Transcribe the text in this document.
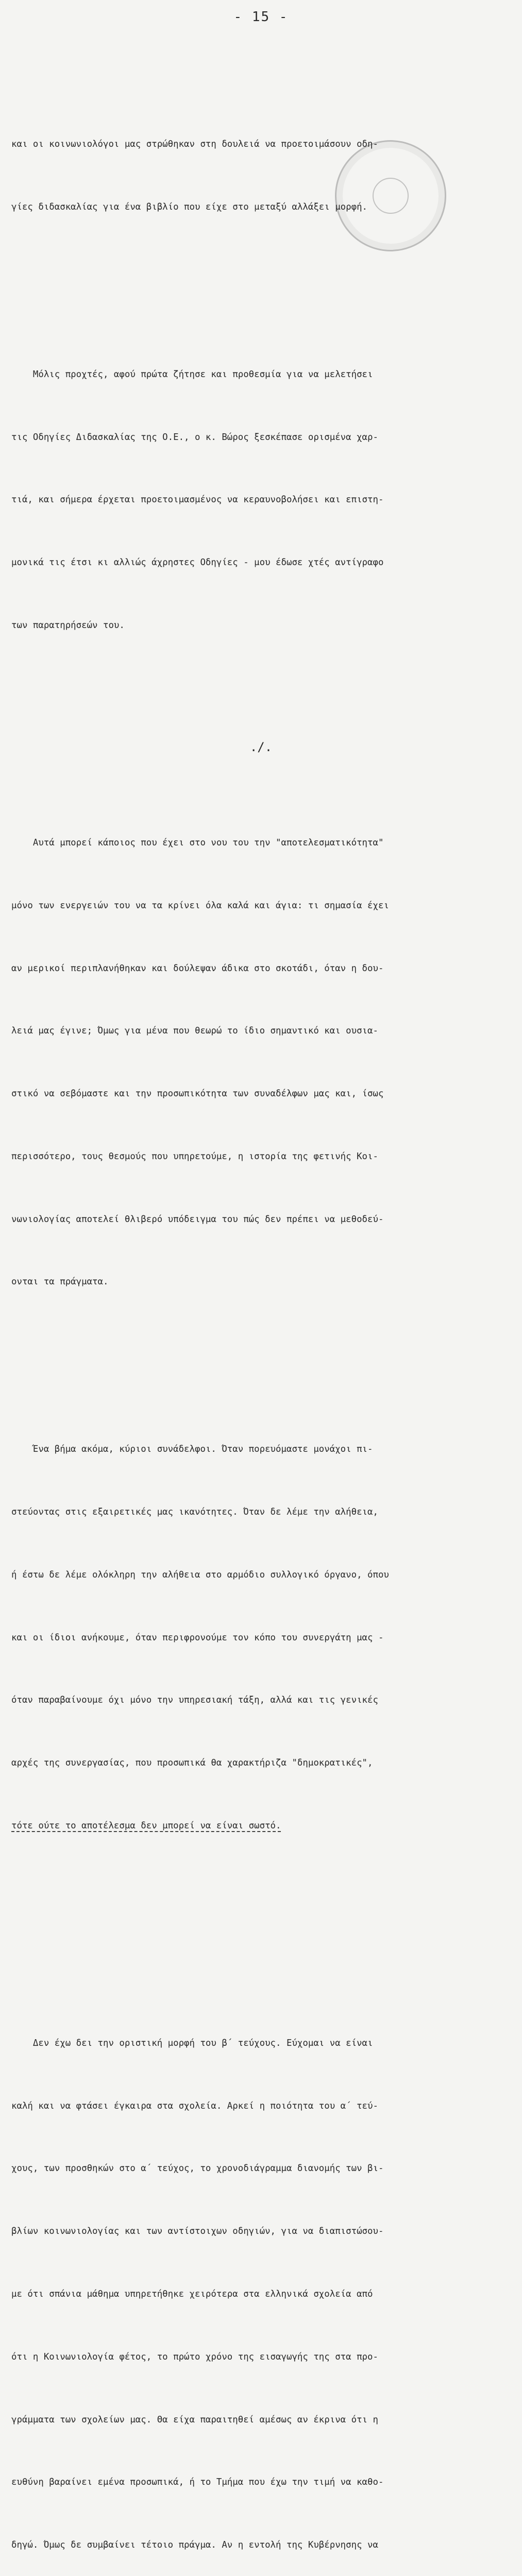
- 15 -

και οι κοινωνιολόγοι μας στρώθηκαν στη δουλειά να προετοιμάσουν οδη-

γίες διδασκαλίας για ένα βιβλίο που είχε στο μεταξύ αλλάξει μορφή.

Μόλις προχτές, αφού πρώτα ζήτησε και προθεσμία για να μελετήσει

τις Οδηγίες Διδασκαλίας της Ο.Ε., ο κ. Βώρος ξεσκέπασε ορισμένα χαρ-

τιά, και σήμερα έρχεται προετοιμασμένος να κεραυνοβολήσει και επιστη-

μονικά τις έτσι κι αλλιώς άχρηστες Οδηγίες - μου έδωσε χτές αντίγραφο

των παρατηρήσεών του.

Αυτά μπορεί κάποιος που έχει στο νου του την "αποτελεσματικότητα"

μόνο των ενεργειών του να τα κρίνει όλα καλά και άγια: τι σημασία έχει

αν μερικοί περιπλανήθηκαν και δούλεψαν άδικα στο σκοτάδι, όταν η δου-

λειά μας έγινε; Όμως για μένα που θεωρώ το ίδιο σημαντικό και ουσια-

στικό να σεβόμαστε και την προσωπικότητα των συναδέλφων μας και, ίσως

περισσότερο, τους θεσμούς που υπηρετούμε, η ιστορία της φετινής Κοι-

νωνιολογίας αποτελεί θλιβερό υπόδειγμα του πώς δεν πρέπει να μεθοδεύ-

ονται τα πράγματα.

Ένα βήμα ακόμα, κύριοι συνάδελφοι. Όταν πορευόμαστε μονάχοι πι-

στεύοντας στις εξαιρετικές μας ικανότητες. Όταν δε λέμε την αλήθεια,

ή έστω δε λέμε ολόκληρη την αλήθεια στο αρμόδιο συλλογικό όργανο, όπου

και οι ίδιοι ανήκουμε, όταν περιφρονούμε τον κόπο του συνεργάτη μας -

όταν παραβαίνουμε όχι μόνο την υπηρεσιακή τάξη, αλλά και τις γενικές

αρχές της συνεργασίας, που προσωπικά θα χαρακτήριζα "δημοκρατικές",

τότε ούτε το αποτέλεσμα δεν μπορεί να είναι σωστό.

Δεν έχω δει την οριστική μορφή του β΄ τεύχους. Εύχομαι να είναι

καλή και να φτάσει έγκαιρα στα σχολεία. Αρκεί η ποιότητα του α΄ τεύ-

χους, των προσθηκών στο α΄ τεύχος, το χρονοδιάγραμμα διανομής των βι-

βλίων κοινωνιολογίας και των αντίστοιχων οδηγιών, για να διαπιστώσου-

με ότι σπάνια μάθημα υπηρετήθηκε χειρότερα στα ελληνικά σχολεία από

ότι η Κοινωνιολογία φέτος, το πρώτο χρόνο της εισαγωγής της στα προ-

γράμματα των σχολείων μας. Θα είχα παραιτηθεί αμέσως αν έκρινα ότι η

ευθύνη βαραίνει εμένα προσωπικά, ή το Τμήμα που έχω την τιμή να καθο-

δηγώ. Όμως δε συμβαίνει τέτοιο πράγμα. Αν η εντολή της Κυβέρνησης να

./.
